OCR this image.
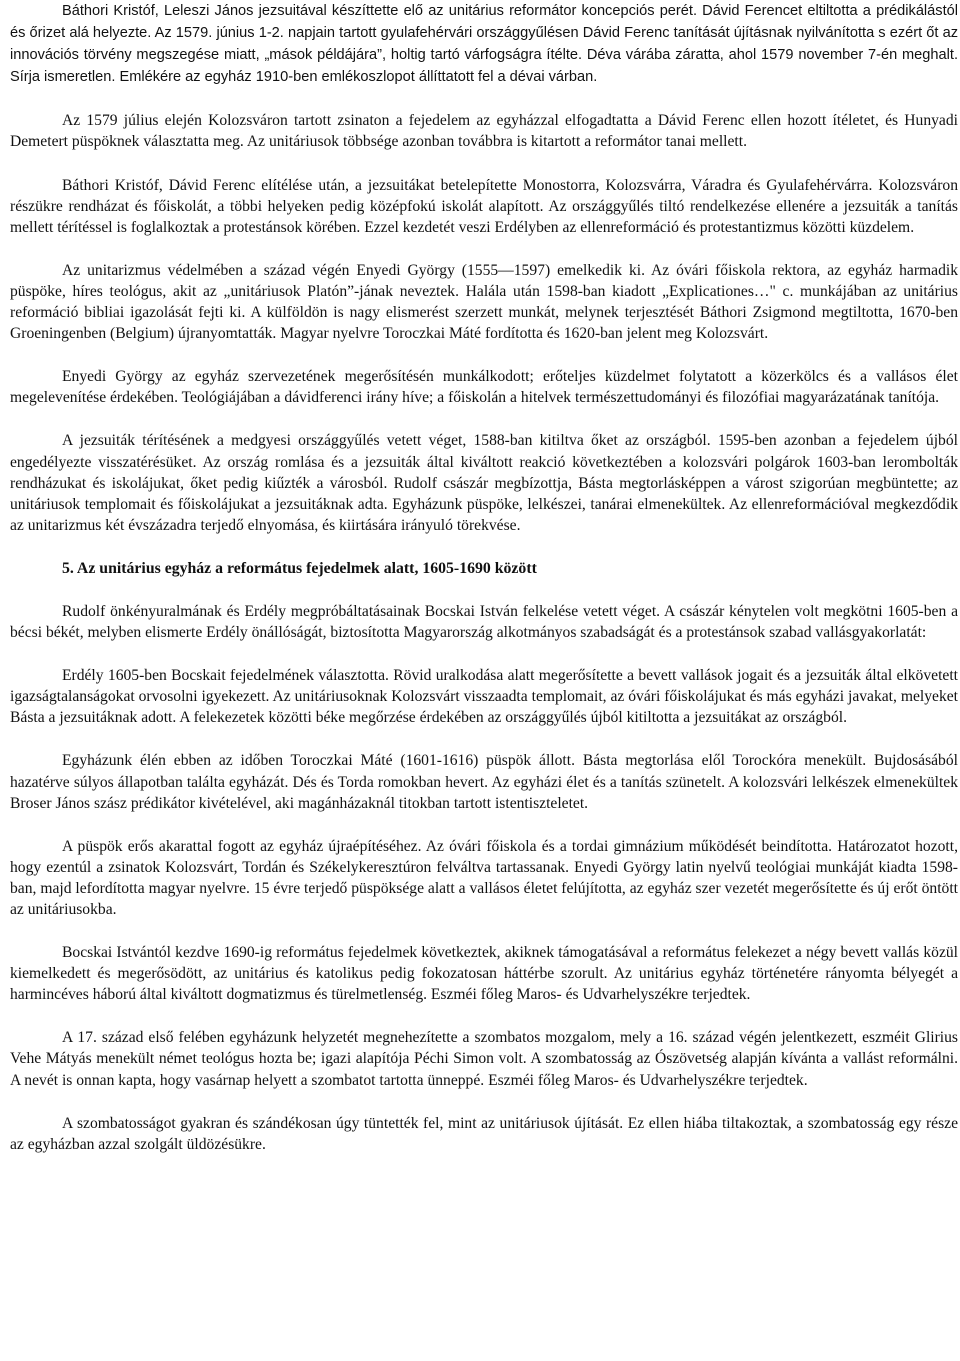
Báthori Kristóf, Leleszi János jezsuitával készíttette elő az unitárius reformátor koncepciós perét. Dávid Ferencet eltiltotta a prédikálástól és őrizet alá helyezte. Az 1579. június 1-2. napjain tartott gyulafehérvári országgyűlésen Dávid Ferenc tanítását újításnak nyilvánította s ezért őt az innovációs törvény megszegése miatt, „mások példájára”, holtig tartó várfogságra ítélte. Déva várába záratta, ahol 1579 november 7-én meghalt. Sírja ismeretlen. Emlékére az egyház 1910-ben emlékoszlopot állíttatott fel a dévai várban.

Az 1579 július elején Kolozsváron tartott zsinaton a fejedelem az egyházzal elfogadtatta a Dávid Ferenc ellen hozott ítéletet, és Hunyadi Demetert püspöknek választatta meg. Az unitáriusok többsége azonban továbbra is kitartott a reformátor tanai mellett.

Báthori Kristóf, Dávid Ferenc elítélése után, a jezsuitákat betelepítette Monostorra, Kolozsvárra, Váradra és Gyulafehérvárra. Kolozsváron részükre rendházat és főiskolát, a többi helyeken pedig középfokú iskolát alapított. Az országgyűlés tiltó rendelkezése ellenére a jezsuiták a tanítás mellett térítéssel is foglalkoztak a protestánsok körében. Ezzel kezdetét veszi Erdélyben az ellenreformáció és protestantizmus közötti küzdelem.

Az unitarizmus védelmében a század végén Enyedi György (1555—1597) emelkedik ki. Az óvári főiskola rektora, az egyház harmadik püspöke, híres teológus, akit az „unitáriusok Platón”-jának neveztek. Halála után 1598-ban kiadott „Explicationes…" c. munkájában az unitárius reformáció bibliai igazolását fejti ki. A külföldön is nagy elismerést szerzett munkát, melynek terjesztését Báthori Zsigmond megtiltotta, 1670-ben Groeningenben (Belgium) újranyomtatták. Magyar nyelvre Toroczkai Máté fordította és 1620-ban jelent meg Kolozsvárt.

Enyedi György az egyház szervezetének megerősítésén munkálkodott; erőteljes küzdelmet folytatott a közerkölcs és a vallásos élet megelevenítése érdekében. Teológiájában a dávidferenci irány híve; a főiskolán a hitelvek természettudományi és filozófiai magyarázatának tanítója.

A jezsuiták térítésének a medgyesi országgyűlés vetett véget, 1588-ban kitiltva őket az országból. 1595-ben azonban a fejedelem újból engedélyezte visszatérésüket. Az ország romlása és a jezsuiták által kiváltott reakció következtében a kolozsvári polgárok 1603-ban lerombolták rendházukat és iskolájukat, őket pedig kiűzték a városból. Rudolf császár megbízottja, Básta megtorlásképpen a várost szigorúan megbüntette; az unitáriusok templomait és főiskolájukat a jezsuitáknak adta. Egyházunk püspöke, lelkészei, tanárai elmenekültek. Az ellenreformációval megkezdődik az unitarizmus két évszázadra terjedő elnyomása, és kiirtására irányuló törekvése.

5. Az unitárius egyház a református fejedelmek alatt, 1605-1690 között

Rudolf önkényuralmának és Erdély megpróbáltatásainak Bocskai István felkelése vetett véget. A császár kénytelen volt megkötni 1605-ben a bécsi békét, melyben elismerte Erdély önállóságát, biztosította Magyarország alkotmányos szabadságát és a protestánsok szabad vallásgyakorlatát:

Erdély 1605-ben Bocskait fejedelmének választotta. Rövid uralkodása alatt megerősítette a bevett vallások jogait és a jezsuiták által elkövetett igazságtalanságokat orvosolni igyekezett. Az unitáriusoknak Kolozsvárt visszaadta templomait, az óvári főiskolájukat és más egyházi javakat, melyeket Básta a jezsuitáknak adott. A felekezetek közötti béke megőrzése érdekében az országgyűlés újból kitiltotta a jezsuitákat az országból.

Egyházunk élén ebben az időben Toroczkai Máté (1601-1616) püspök állott. Básta megtorlása elől Torockóra menekült. Bujdosásából hazatérve súlyos állapotban találta egyházát. Dés és Torda romokban hevert. Az egyházi élet és a tanítás szünetelt. A kolozsvári lelkészek elmenekültek Broser János szász prédikátor kivételével, aki magánházaknál titokban tartott istentiszteletet.

A püspök erős akarattal fogott az egyház újraépítéséhez. Az óvári főiskola és a tordai gimnázium működését beindította. Határozatot hozott, hogy ezentúl a zsinatok Kolozsvárt, Tordán és Székelykeresztúron felváltva tartassanak. Enyedi György latin nyelvű teológiai munkáját kiadta 1598-ban, majd lefordította magyar nyelvre. 15 évre terjedő püspöksége alatt a vallásos életet felújította, az egyház szer vezetét megerősítette és új erőt öntött az unitáriusokba.

Bocskai Istvántól kezdve 1690-ig református fejedelmek következtek, akiknek támogatásával a református felekezet a négy bevett vallás közül kiemelkedett és megerősödött, az unitárius és katolikus pedig fokozatosan háttérbe szorult. Az unitárius egyház történetére rányomta bélyegét a harmincéves háború által kiváltott dogmatizmus és türelmetlenség. Eszméi főleg Maros- és Udvarhelyszékre terjedtek.

A 17. század első felében egyházunk helyzetét megnehezítette a szombatos mozgalom, mely a 16. század végén jelentkezett, eszméit Glirius Vehe Mátyás menekült német teológus hozta be; igazi alapítója Péchi Simon volt. A szombatosság az Ószövetség alapján kívánta a vallást reformálni. A nevét is onnan kapta, hogy vasárnap helyett a szombatot tartotta ünneppé. Eszméi főleg Maros- és Udvarhelyszékre terjedtek.

A szombatosságot gyakran és szándékosan úgy tüntették fel, mint az unitáriusok újítását. Ez ellen hiába tiltakoztak, a szombatosság egy része az egyházban azzal szolgált üldözésükre.
